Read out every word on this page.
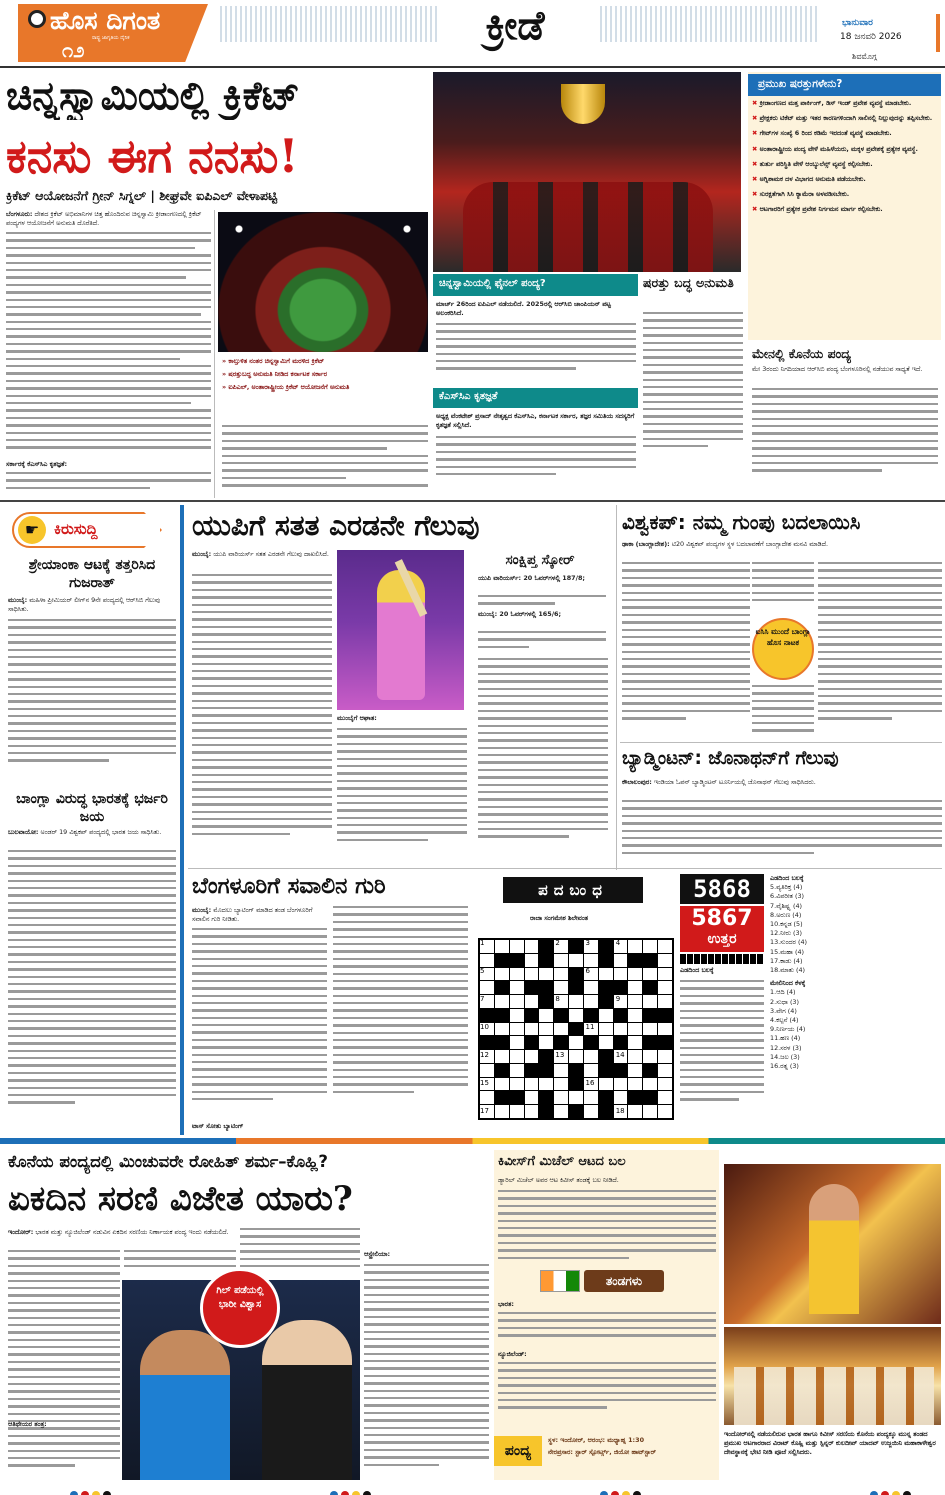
ಹೊಸ ದಿಗಂತ
ರಾಷ್ಟ್ರ ಜಾಗೃತಿಯ ದೈನಿಕ
೧೨
ಕ್ರೀಡೆ	ಭಾನುವಾರ
18 ಜನವರಿ 2026
ಶಿವಮೊಗ್ಗ
ಚಿನ್ನಸ್ವಾಮಿಯಲ್ಲಿ ಕ್ರಿಕೆಟ್
ಕನಸು ಈಗ ನನಸು!
ಕ್ರಿಕೆಟ್ ಆಯೋಜನೆಗೆ ಗ್ರೀನ್ ಸಿಗ್ನಲ್ | ಶೀಘ್ರವೇ ಐಪಿಎಲ್ ವೇಳಾಪಟ್ಟಿ
ಬೆಂಗಳೂರು: ದೇಶದ ಕ್ರಿಕೆಟ್ ಅಭಿಮಾನಿಗಳ ಚಿತ್ತ ಹೊಂದಿರುವ ಚಿನ್ನಸ್ವಾಮಿ ಕ್ರೀಡಾಂಗಣದಲ್ಲಿ ಕ್ರಿಕೆಟ್ ಪಂದ್ಯಗಳ ಆಯೋಜನೆಗೆ ಅನುಮತಿ ದೊರೆತಿದೆ.
ಸರ್ಕಾರಕ್ಕೆ ಕೆಎಸ್‌ಸಿಎ ಕೃತಜ್ಞತೆ:
» ಕಾಲ್ತುಳಿತ ನಂತರ ಚಿನ್ನಸ್ವಾಮಿಗೆ ಮರಳಿದ ಕ್ರಿಕೆಟ್
» ಷರತ್ತುಬದ್ಧ ಅನುಮತಿ ನೀಡಿದ ಕರ್ನಾಟಕ ಸರ್ಕಾರ
» ಐಪಿಎಲ್, ಅಂತಾರಾಷ್ಟ್ರೀಯ ಕ್ರಿಕೆಟ್ ಆಯೋಜನೆಗೆ ಅನುಮತಿ
ಚಿನ್ನಸ್ವಾಮಿಯಲ್ಲಿ ಫೈನಲ್ ಪಂದ್ಯ?
ಮಾರ್ಚ್ 26ರಿಂದ ಐಪಿಎಲ್ ನಡೆಯಲಿದೆ. 2025ರಲ್ಲಿ ಆರ್‌ಸಿಬಿ ಚಾಂಪಿಯನ್ ಪಟ್ಟ ಅಲಂಕರಿಸಿದೆ.
ಕೆಎಸ್‌ಸಿಎ ಕೃತಜ್ಞತೆ
ಅಧ್ಯಕ್ಷ ವೆಂಕಟೇಶ್ ಪ್ರಸಾದ್ ನೇತೃತ್ವದ ಕೆಎಸ್‌ಸಿಎ, ಕರ್ನಾಟಕ ಸರ್ಕಾರ, ತಜ್ಞರ ಸಮಿತಿಯ ಸದಸ್ಯರಿಗೆ ಕೃತಜ್ಞತೆ ಸಲ್ಲಿಸಿದೆ.
ಷರತ್ತು ಬದ್ಧ ಅನುಮತಿ
ಪ್ರಮುಖ ಷರತ್ತುಗಳೇನು?
✖ ಕ್ರೀಡಾಂಗಣದ ಮತ್ತ ಪಾರ್ಕಿಂಗ್, ಡಿಸ್ ಇಂಡ್ ಪ್ರವೇಶ ವ್ಯವಸ್ಥೆ ಮಾಡಬೇಕು.
✖ ಪ್ರೇಕ್ಷಕರು ಟಿಕೆಟ್ ಮತ್ತು ಇತರ ಕಾರಣಗಳಿಂದಾಗಿ ಸಾಲಿನಲ್ಲಿ ನಿಲ್ಲುವುದನ್ನು ತಪ್ಪಿಸಬೇಕು.
✖ ಗೇಟ್‌ಗಳ ಸಂಖ್ಯೆ 6 ರಿಂದ ಕಡಿಮೆ ಇರದಂತೆ ವ್ಯವಸ್ಥೆ ಮಾಡಬೇಕು.
✖ ಅಂತಾರಾಷ್ಟ್ರೀಯ ಪಂದ್ಯ ವೇಳೆ ಮಹಿಳೆಯರು, ಮಕ್ಕಳ ಪ್ರವೇಶಕ್ಕೆ ಪ್ರತ್ಯೇಕ ವ್ಯವಸ್ಥೆ.
✖ ತುರ್ತು ಪರಿಸ್ಥಿತಿ ವೇಳೆ ಆಂಬ್ಯುಲೆನ್ಸ್ ವ್ಯವಸ್ಥೆ ಕಲ್ಪಿಸಬೇಕು.
✖ ಅಗ್ನಿಶಾಮಕ ದಳ ವಿಭಾಗದ ಅನುಮತಿ ಪಡೆಯಬೇಕು.
✖ ಸುರಕ್ಷತೆಗಾಗಿ ಸಿಸಿ ಕ್ಯಾಮೆರಾ ಅಳವಡಿಸಬೇಕು.
✖ ಆಟಗಾರರಿಗೆ ಪ್ರತ್ಯೇಕ ಪ್ರವೇಶ ನಿರ್ಗಮನ ಮಾರ್ಗ ಕಲ್ಪಿಸಬೇಕು.
ಮೇನಲ್ಲಿ ಕೊನೆಯ ಪಂದ್ಯ
ಮೇ 3ರಂದು ನಿಗದಿಯಾದ ಆರ್‌ಸಿಬಿ ಪಂದ್ಯ ಬೆಂಗಳೂರಿನಲ್ಲಿ ನಡೆಯುವ ಸಾಧ್ಯತೆ ಇದೆ.
☛ ಕಿರುಸುದ್ದಿ
ಶ್ರೇಯಾಂಕಾ ಆಟಕ್ಕೆ ತತ್ತರಿಸಿದ ಗುಜರಾತ್
ಮುಂಬೈ: ಮಹಿಳಾ ಪ್ರೀಮಿಯರ್ ಲೀಗ್‌ನ 9ನೇ ಪಂದ್ಯದಲ್ಲಿ ಆರ್‌ಸಿಬಿ ಗೆಲುವು ಸಾಧಿಸಿತು.
ಬಾಂಗ್ಲಾ ವಿರುದ್ಧ ಭಾರತಕ್ಕೆ ಭರ್ಜರಿ ಜಯ
ಬುಲವಾಯೋ: ಅಂಡರ್ 19 ವಿಶ್ವಕಪ್ ಪಂದ್ಯದಲ್ಲಿ ಭಾರತ ಜಯ ಸಾಧಿಸಿತು.
ಯುಪಿಗೆ ಸತತ ಎರಡನೇ ಗೆಲುವು
ಮುಂಬೈ: ಯುಪಿ ವಾರಿಯರ್ಸ್ ಸತತ ಎರಡನೇ ಗೆಲುವು ದಾಖಲಿಸಿದೆ.	ಸಂಕ್ಷಿಪ್ತ ಸ್ಕೋರ್
ಯುಪಿ ವಾರಿಯರ್ಸ್: 20 ಓವರ್‌ಗಳಲ್ಲಿ 187/8;
ಮುಂಬೈ: 20 ಓವರ್‌ಗಳಲ್ಲಿ 165/6;
ಮುಂಬೈಗೆ ಆಘಾತ:
ವಿಶ್ವಕಪ್: ನಮ್ಮ ಗುಂಪು ಬದಲಾಯಿಸಿ
ಢಾಕಾ (ಬಾಂಗ್ಲಾದೇಶ): ಟಿ20 ವಿಶ್ವಕಪ್ ಪಂದ್ಯಗಳ ಸ್ಥಳ ಬದಲಾವಣೆಗೆ ಬಾಂಗ್ಲಾದೇಶ ಮನವಿ ಮಾಡಿದೆ.
ಐಸಿಸಿ ಮುಂದೆ ಬಾಂಗ್ಲಾ ಹೊಸ ನಾಟಕ
ಬ್ಯಾಡ್ಮಿಂಟನ್: ಜೊನಾಥನ್‌ಗೆ ಗೆಲುವು
ಕೌಲಾಲಂಪುರ: ಇಂಡಿಯಾ ಓಪನ್ ಬ್ಯಾಡ್ಮಿಂಟನ್ ಟೂರ್ನಿಯಲ್ಲಿ ಜೊನಾಥನ್ ಗೆಲುವು ಸಾಧಿಸಿದರು.
ಬೆಂಗಳೂರಿಗೆ ಸವಾಲಿನ ಗುರಿ
ಮುಂಬೈ: ಮೊದಲು ಬ್ಯಾಟಿಂಗ್ ಮಾಡಿದ ತಂಡ ಬೆಂಗಳೂರಿಗೆ ಸವಾಲಿನ ಗುರಿ ನೀಡಿತು.
ಟಾಸ್ ಸೋತು ಬ್ಯಾಟಿಂಗ್
ಪದಬಂಧ
ರಾಜಾ ಸಂಗಮೇಶ ಶಿಲೇವಂತ
1	2	3	4
5	6
7	8	9
10	11
12	13	14
15	16
17	18
5868
5867
ಉತ್ತರ
ಎಡದಿಂದ ಬಲಕ್ಕೆ
ಎಡದಿಂದ ಬಲಕ್ಕೆ
5.ವ್ಯತಿರಿಕ್ತ (4)
6.ವಿಪರೀತ (3)
7.ವೈಶಿಷ್ಟ್ಯ (4)
8.ಅರುಣ (4)
10.ಕನ್ನಡ (5)
12.ನೀರು (3)
13.ಸುಂದರ (4)
15.ಮಹಾ (4)
17.ಕಾಡು (4)
18.ಮಾತು (4)
ಮೇಲಿನಿಂದ ಕೆಳಕ್ಕೆ
1.ಆದಿ (4)
2.ಸುಧಾ (3)
3.ವೇಗ (4)
4.ಕಲ್ಪನೆ (4)
9.ನಿರ್ಣಯ (4)
11.ಹಣ (4)
12.ಸರಳ (3)
14.ಜಲ (3)
16.ರತ್ನ (3)
ಕೊನೆಯ ಪಂದ್ಯದಲ್ಲಿ ಮಿಂಚುವರೇ ರೋಹಿತ್ ಶರ್ಮ–ಕೊಹ್ಲಿ?
ಏಕದಿನ ಸರಣಿ ವಿಜೇತ ಯಾರು?
ಇಂದೋರ್: ಭಾರತ ಮತ್ತು ನ್ಯೂಜಿಲೆಂಡ್ ನಡುವಿನ ಏಕದಿನ ಸರಣಿಯ ನಿರ್ಣಾಯಕ ಪಂದ್ಯ ಇಂದು ನಡೆಯಲಿದೆ.
ಆತಿಥೇಯರ ತಂತ್ರ:
ಗಿಲ್ ಪಡೆಯಲ್ಲಿ ಭಾರೀ ವಿಶ್ವಾಸ
ಆಸ್ಟ್ರೇಲಿಯಾ:
ಕಿವೀಸ್‌ಗೆ ಮಿಚೆಲ್ ಆಟದ ಬಲ
ಡ್ಯಾರಿಲ್ ಮಿಚೆಲ್ ಅವರ ಆಟ ಕಿವೀಸ್ ತಂಡಕ್ಕೆ ಬಲ ನೀಡಿದೆ.
ತಂಡಗಳು
ಭಾರತ:
ನ್ಯೂಜಿಲೆಂಡ್:
ಪಂದ್ಯ
ಸ್ಥಳ: ಇಂದೋರ್, ಆರಂಭ: ಮಧ್ಯಾಹ್ನ 1:30
ನೇರಪ್ರಸಾರ: ಸ್ಟಾರ್ ಸ್ಪೋರ್ಟ್ಸ್, ಜಿಯೋ ಹಾಟ್‌ಸ್ಟಾರ್
ಇಂದೋರ್‌ನಲ್ಲಿ ನಡೆಯಲಿರುವ ಭಾರತ ಹಾಗೂ ಕಿವೀಸ್ ಸರಣಿಯ ಕೊನೆಯ ಪಂದ್ಯಕ್ಕೂ ಮುನ್ನ ತಂಡದ ಪ್ರಮುಖ ಆಟಗಾರರಾದ ವಿರಾಟ್ ಕೊಹ್ಲಿ ಮತ್ತು ಸ್ಪಿನ್ನರ್ ಕುಲದೀಪ್ ಯಾದವ್ ಉಜ್ಜಯಿನಿ ಮಹಾಕಾಳೇಶ್ವರ ದೇವಸ್ಥಾನಕ್ಕೆ ಭೇಟಿ ನೀಡಿ ಪೂಜೆ ಸಲ್ಲಿಸಿದರು.
